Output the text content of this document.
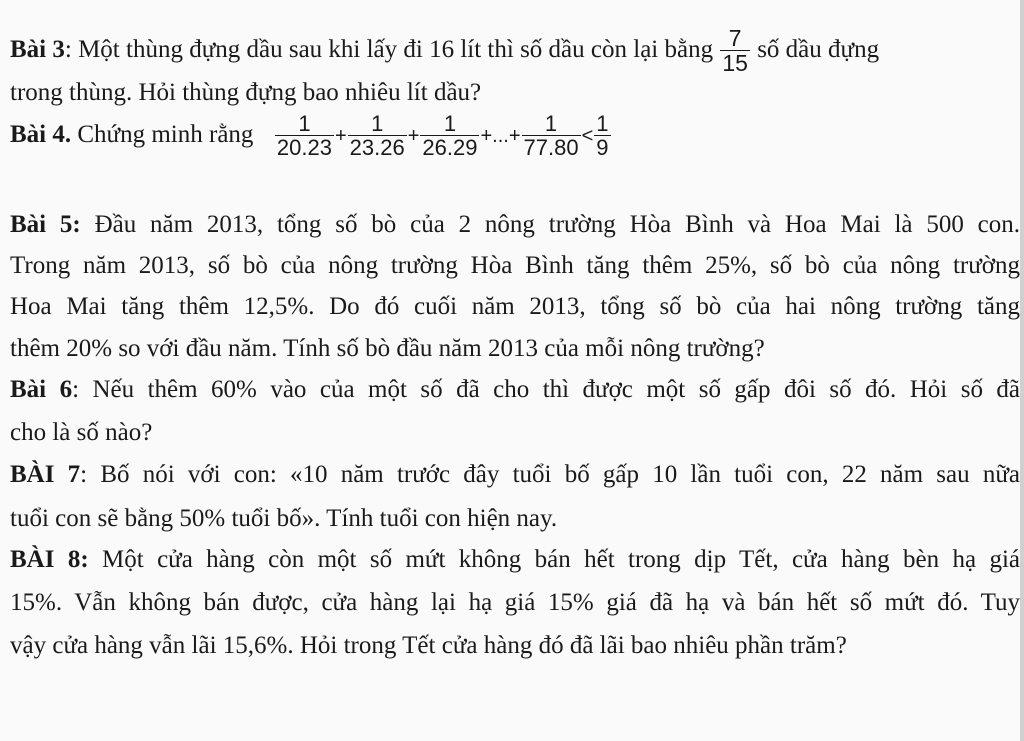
Bài 3: Một thùng đựng dầu sau khi lấy đi 16 lít thì số dầu còn lại bằng $\frac{7}{15}$ số dầu đựng
trong thùng. Hỏi thùng đựng bao nhiêu lít dầu?
Bài 4. Chứng minh rằng $\frac{1}{20.23} + \frac{1}{23.26} + \frac{1}{26.29}$ +...+ $\frac{1}{77.80} < \frac{1}{9}$
Bài 5: Đầu năm 2013, tổng số bò của 2 nông trường Hòa Bình và Hoa Mai là 500 con.
Trong năm 2013, số bò của nông trường Hòa Bình tăng thêm 25%, số bò của nông trường
Hoa Mai tăng thêm 12,5%. Do đó cuối năm 2013, tổng số bò của hai nông trường tăng
thêm 20% so với đầu năm. Tính số bò đầu năm 2013 của mỗi nông trường?
Bài 6: Nếu thêm 60% vào của một số đã cho thì được một số gấp đôi số đó. Hỏi số đã
cho là số nào?
BÀI 7: Bố nói với con: «10 năm trước đây tuổi bố gấp 10 lần tuổi con, 22 năm sau nữa
tuổi con sẽ bằng 50% tuổi bố». Tính tuổi con hiện nay.
BÀI 8: Một cửa hàng còn một số mứt không bán hết trong dịp Tết, cửa hàng bèn hạ giá
15%. Vẫn không bán được, cửa hàng lại hạ giá 15% giá đã hạ và bán hết số mứt đó. Tuy
vậy cửa hàng vẫn lãi 15,6%. Hỏi trong Tết cửa hàng đó đã lãi bao nhiêu phần trăm?
